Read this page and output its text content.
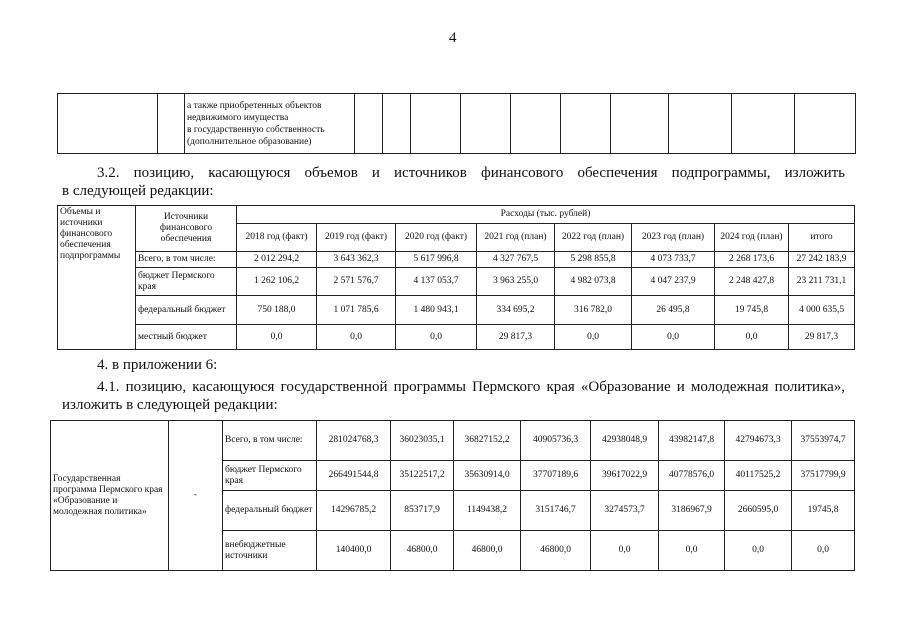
4

а также приобретенных объектов
недвижимого имущества
в государственную собственность
(дополнительное образование)

3.2. позицию, касающуюся объемов и источников финансового обеспечения подпрограммы, изложить
в следующей редакции:
Объемы и источники финансового обеспечения подпрограммы	Источники финансового обеспечения	Расходы (тыс. рублей)							
		2018 год (факт)	2019 год (факт)	2020 год (факт)	2021 год (план)	2022 год (план)	2023 год (план)	2024 год (план)	итого
	Всего, в том числе:	2 012 294,2	3 643 362,3	5 617 996,8	4 327 767,5	5 298 855,8	4 073 733,7	2 268 173,6	27 242 183,9
	бюджет Пермского края	1 262 106,2	2 571 576,7	4 137 053,7	3 963 255,0	4 982 073,8	4 047 237,9	2 248 427,8	23 211 731,1
	федеральный бюджет	750 188,0	1 071 785,6	1 480 943,1	334 695,2	316 782,0	26 495,8	19 745,8	4 000 635,5
	местный бюджет	0,0	0,0	0,0	29 817,3	0,0	0,0	0,0	29 817,3
4. в приложении 6:
4.1. позицию, касающуюся государственной программы Пермского края «Образование и молодежная политика»,
изложить в следующей редакции:
Государственная программа Пермского края «Образование и молодежная политика»	-	Всего, в том числе:	281024768,3	36023035,1	36827152,2	40905736,3	42938048,9	43982147,8	42794673,3	37553974,7
		бюджет Пермского края	266491544,8	35122517,2	35630914,0	37707189,6	39617022,9	40778576,0	40117525,2	37517799,9
		федеральный бюджет	14296785,2	853717,9	1149438,2	3151746,7	3274573,7	3186967,9	2660595,0	19745,8
		внебюджетные источники	140400,0	46800,0	46800,0	46800,0	0,0	0,0	0,0	0,0
